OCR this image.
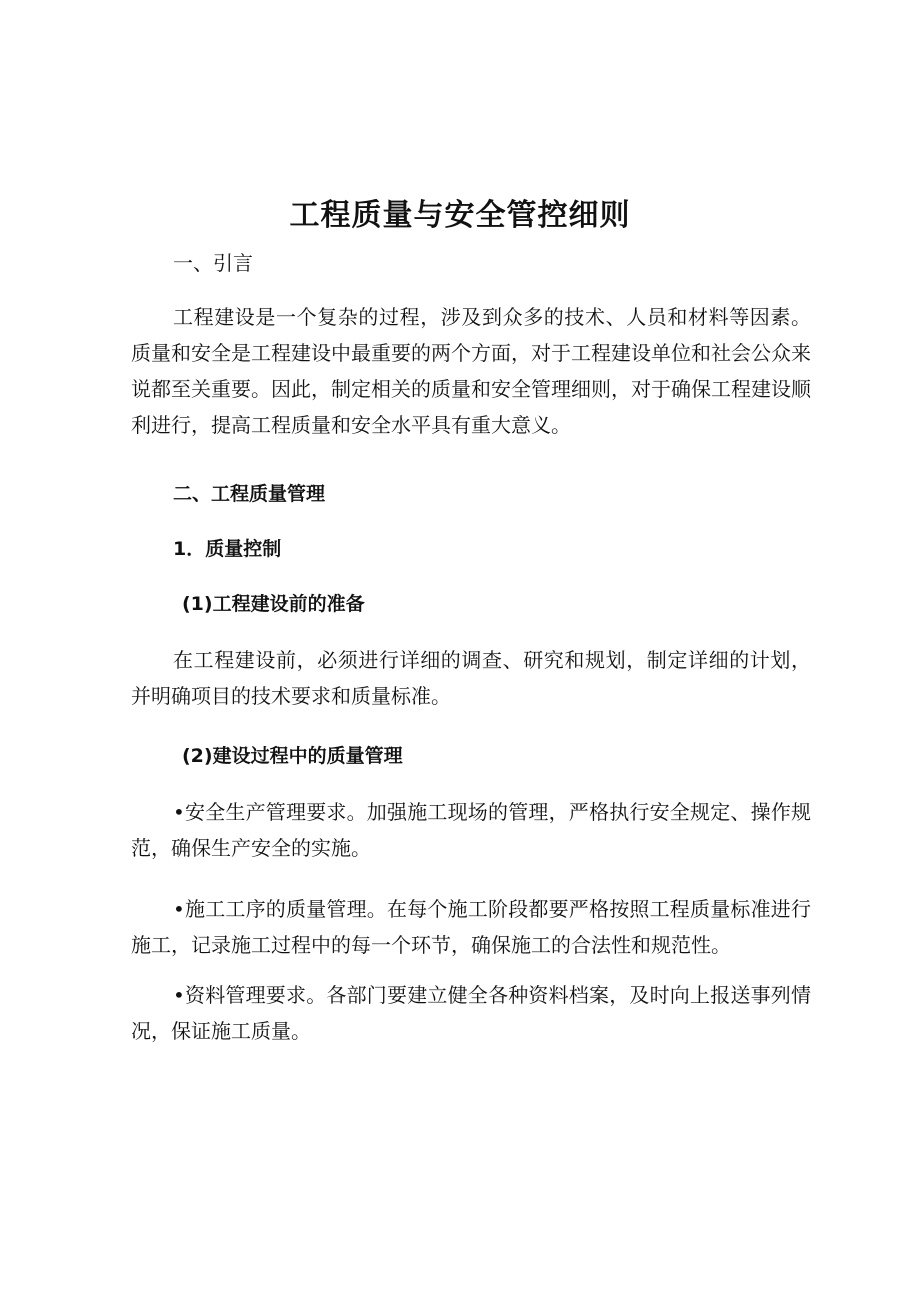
工程质量与安全管控细则

一、引言

工程建设是一个复杂的过程，涉及到众多的技术、人员和材料等因素。质量和安全是工程建设中最重要的两个方面，对于工程建设单位和社会公众来说都至关重要。因此，制定相关的质量和安全管理细则，对于确保工程建设顺利进行，提高工程质量和安全水平具有重大意义。

二、工程质量管理

1．质量控制

(1)工程建设前的准备

在工程建设前，必须进行详细的调查、研究和规划，制定详细的计划，并明确项目的技术要求和质量标准。

(2)建设过程中的质量管理

•安全生产管理要求。加强施工现场的管理，严格执行安全规定、操作规范，确保生产安全的实施。

•施工工序的质量管理。在每个施工阶段都要严格按照工程质量标准进行施工，记录施工过程中的每一个环节，确保施工的合法性和规范性。

•资料管理要求。各部门要建立健全各种资料档案，及时向上报送事列情况，保证施工质量。
